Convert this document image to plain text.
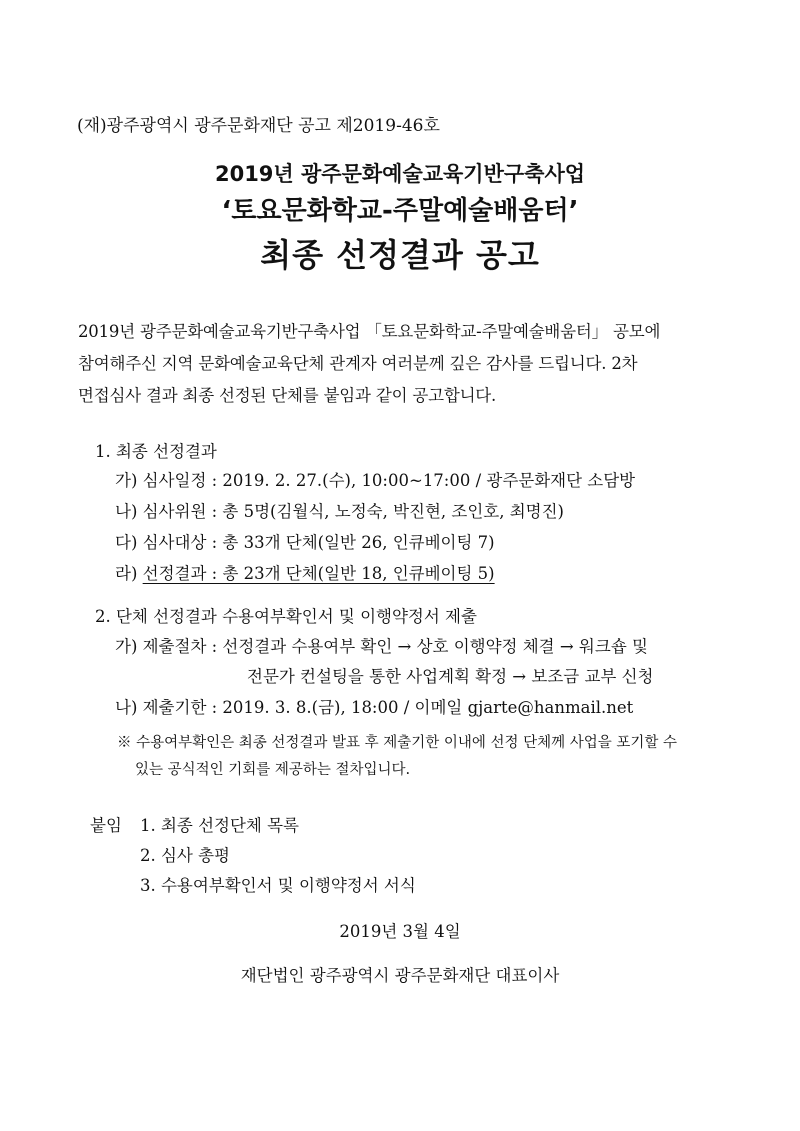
(재)광주광역시 광주문화재단 공고 제2019-46호
2019년 광주문화예술교육기반구축사업
‘토요문화학교-주말예술배움터’
최종 선정결과 공고
2019년 광주문화예술교육기반구축사업 「토요문화학교-주말예술배움터」 공모에
참여해주신 지역 문화예술교육단체 관계자 여러분께 깊은 감사를 드립니다. 2차
면접심사 결과 최종 선정된 단체를 붙임과 같이 공고합니다.
1. 최종 선정결과
가) 심사일정 : 2019. 2. 27.(수), 10:00~17:00 / 광주문화재단 소담방
나) 심사위원 : 총 5명(김월식, 노정숙, 박진현, 조인호, 최명진)
다) 심사대상 : 총 33개 단체(일반 26, 인큐베이팅 7)
라) 선정결과 : 총 23개 단체(일반 18, 인큐베이팅 5)
2. 단체 선정결과 수용여부확인서 및 이행약정서 제출
가) 제출절차 : 선정결과 수용여부 확인 → 상호 이행약정 체결 → 워크숍 및
전문가 컨설팅을 통한 사업계획 확정 → 보조금 교부 신청
나) 제출기한 : 2019. 3. 8.(금), 18:00 / 이메일 gjarte@hanmail.net
※ 수용여부확인은 최종 선정결과 발표 후 제출기한 이내에 선정 단체께 사업을 포기할 수
있는 공식적인 기회를 제공하는 절차입니다.
붙임 1. 최종 선정단체 목록
2. 심사 총평
3. 수용여부확인서 및 이행약정서 서식
2019년 3월 4일
재단법인 광주광역시 광주문화재단 대표이사
